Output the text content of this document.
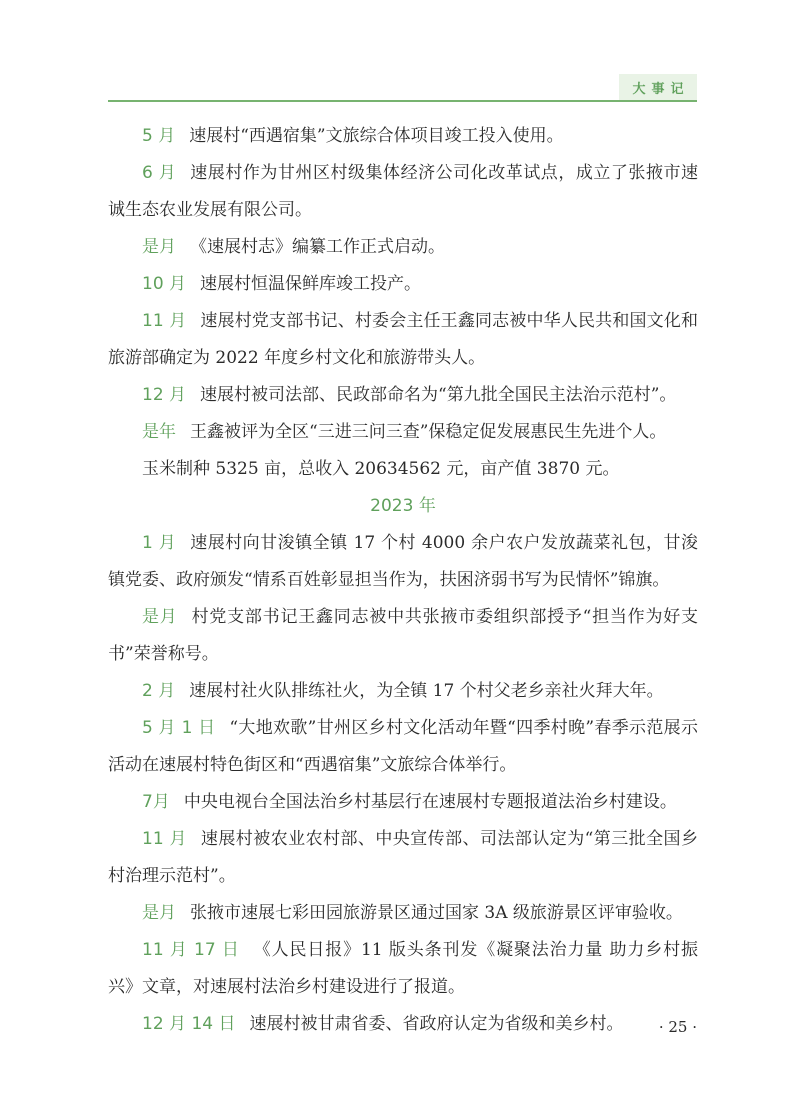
大事记

5 月 速展村“西遇宿集”文旅综合体项目竣工投入使用。

6 月 速展村作为甘州区村级集体经济公司化改革试点，成立了张掖市速诚生态农业发展有限公司。

是月 《速展村志》编纂工作正式启动。

10 月 速展村恒温保鲜库竣工投产。

11 月 速展村党支部书记、村委会主任王鑫同志被中华人民共和国文化和旅游部确定为 2022 年度乡村文化和旅游带头人。

12 月 速展村被司法部、民政部命名为“第九批全国民主法治示范村”。

是年 王鑫被评为全区“三进三问三查”保稳定促发展惠民生先进个人。

玉米制种 5325 亩，总收入 20634562 元，亩产值 3870 元。

2023 年

1 月 速展村向甘浚镇全镇 17 个村 4000 余户农户发放蔬菜礼包，甘浚镇党委、政府颁发“情系百姓彰显担当作为，扶困济弱书写为民情怀”锦旗。

是月 村党支部书记王鑫同志被中共张掖市委组织部授予“担当作为好支书”荣誉称号。

2 月 速展村社火队排练社火，为全镇 17 个村父老乡亲社火拜大年。

5 月 1 日 “大地欢歌”甘州区乡村文化活动年暨“四季村晚”春季示范展示活动在速展村特色街区和“西遇宿集”文旅综合体举行。

7月 中央电视台全国法治乡村基层行在速展村专题报道法治乡村建设。

11 月 速展村被农业农村部、中央宣传部、司法部认定为“第三批全国乡村治理示范村”。

是月 张掖市速展七彩田园旅游景区通过国家 3A 级旅游景区评审验收。

11 月 17 日 《人民日报》11 版头条刊发《凝聚法治力量 助力乡村振兴》文章，对速展村法治乡村建设进行了报道。

12 月 14 日 速展村被甘肃省委、省政府认定为省级和美乡村。	· 25 ·
